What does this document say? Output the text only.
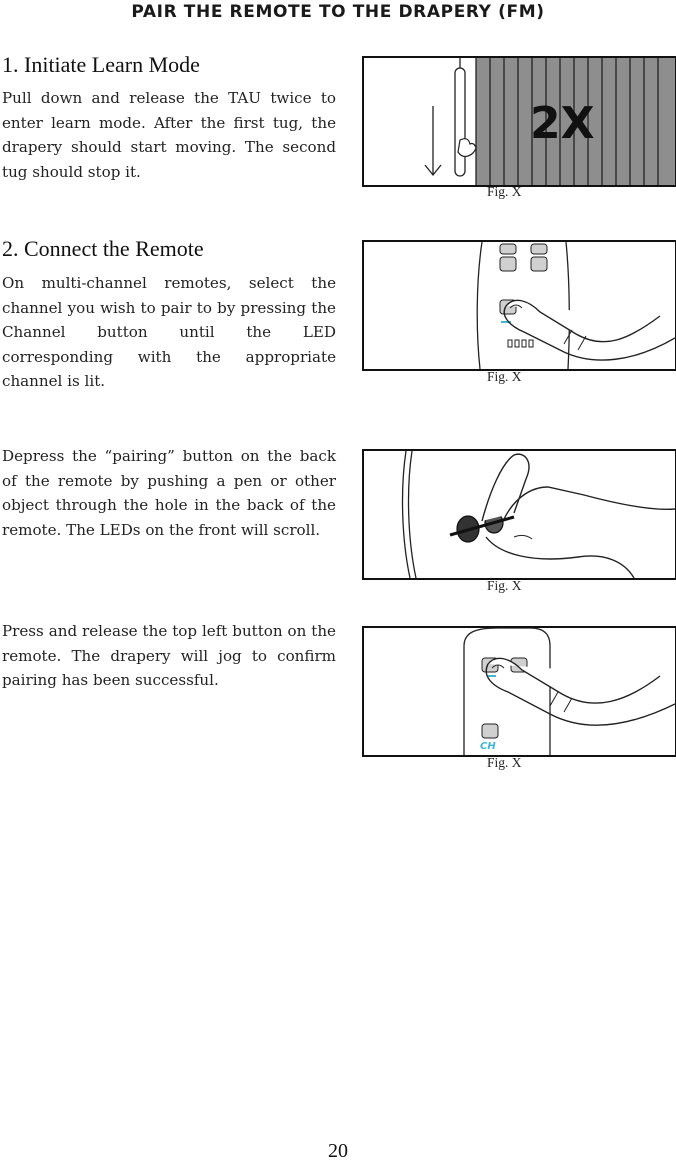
PAIR THE REMOTE TO THE DRAPERY (FM)
1. Initiate Learn Mode
Pull down and release the TAU twice to enter learn mode. After the first tug, the drapery should start moving. The second tug should stop it.
2X
Fig. X
2. Connect the Remote
On multi-channel remotes, select the channel you wish to pair to by pressing the Channel button until the LED corresponding with the appropriate channel is lit.	Fig. X
Depress the “pairing” button on the back of the remote by pushing a pen or other object through the hole in the back of the remote. The LEDs on the front will scroll.
Fig. X
Press and release the top left button on the remote. The drapery will jog to confirm pairing has been successful.
CH
Fig. X
20
